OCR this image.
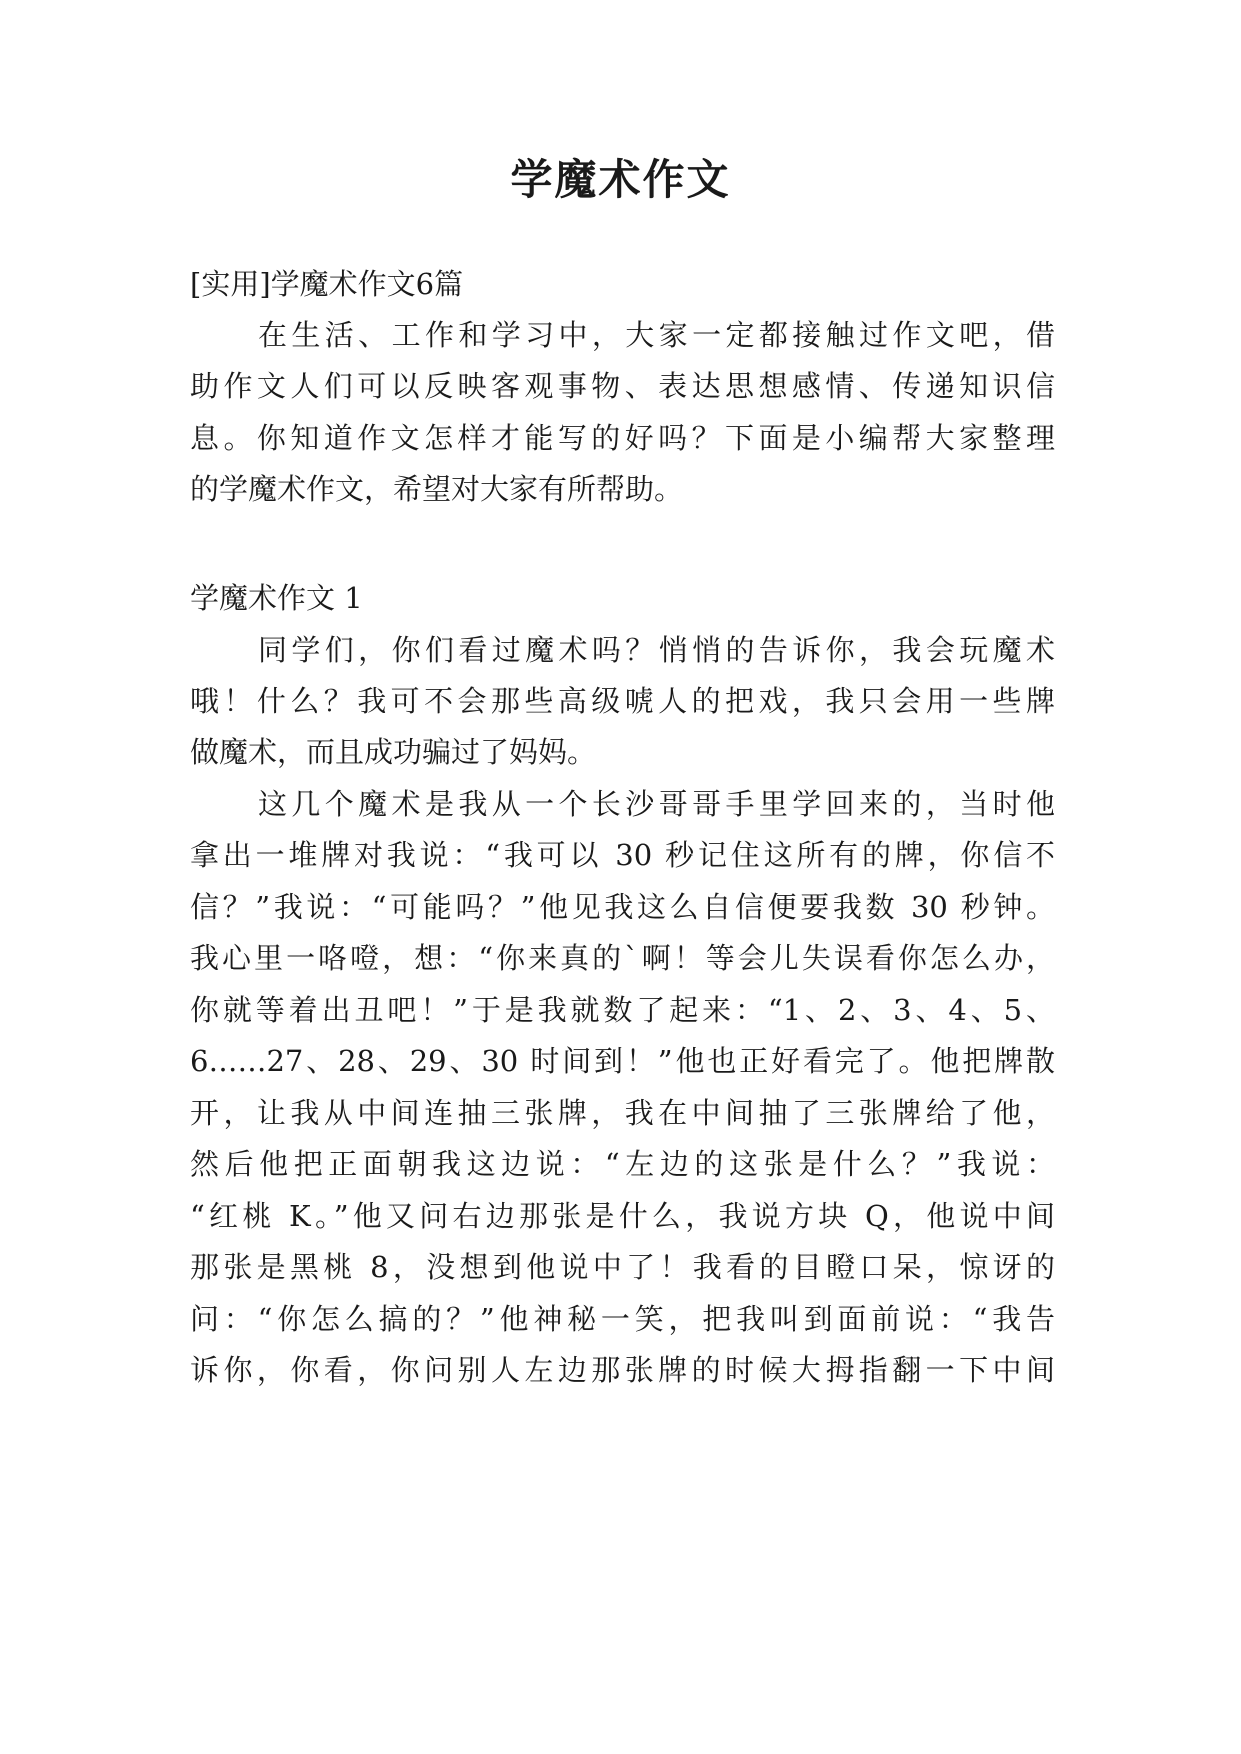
学魔术作文
[实用]学魔术作文6篇
在生活、工作和学习中，大家一定都接触过作文吧，借
助作文人们可以反映客观事物、表达思想感情、传递知识信
息。你知道作文怎样才能写的好吗？下面是小编帮大家整理
的学魔术作文，希望对大家有所帮助。
学魔术作文 1
同学们，你们看过魔术吗？悄悄的告诉你，我会玩魔术
哦！什么？我可不会那些高级唬人的把戏，我只会用一些牌
做魔术，而且成功骗过了妈妈。
这几个魔术是我从一个长沙哥哥手里学回来的，当时他
拿出一堆牌对我说：“我可以 30 秒记住这所有的牌，你信不
信？”我说：“可能吗？”他见我这么自信便要我数 30 秒钟。
我心里一咯噔，想：“你来真的`啊！等会儿失误看你怎么办，
你就等着出丑吧！”于是我就数了起来：“1、2、3、4、5、
6……27、28、29、30 时间到！”他也正好看完了。他把牌散
开，让我从中间连抽三张牌，我在中间抽了三张牌给了他，
然后他把正面朝我这边说：“左边的这张是什么？”我说：
“红桃 K。”他又问右边那张是什么，我说方块 Q，他说中间
那张是黑桃 8，没想到他说中了！我看的目瞪口呆，惊讶的
问：“你怎么搞的？”他神秘一笑，把我叫到面前说：“我告
诉你，你看，你问别人左边那张牌的时候大拇指翻一下中间
